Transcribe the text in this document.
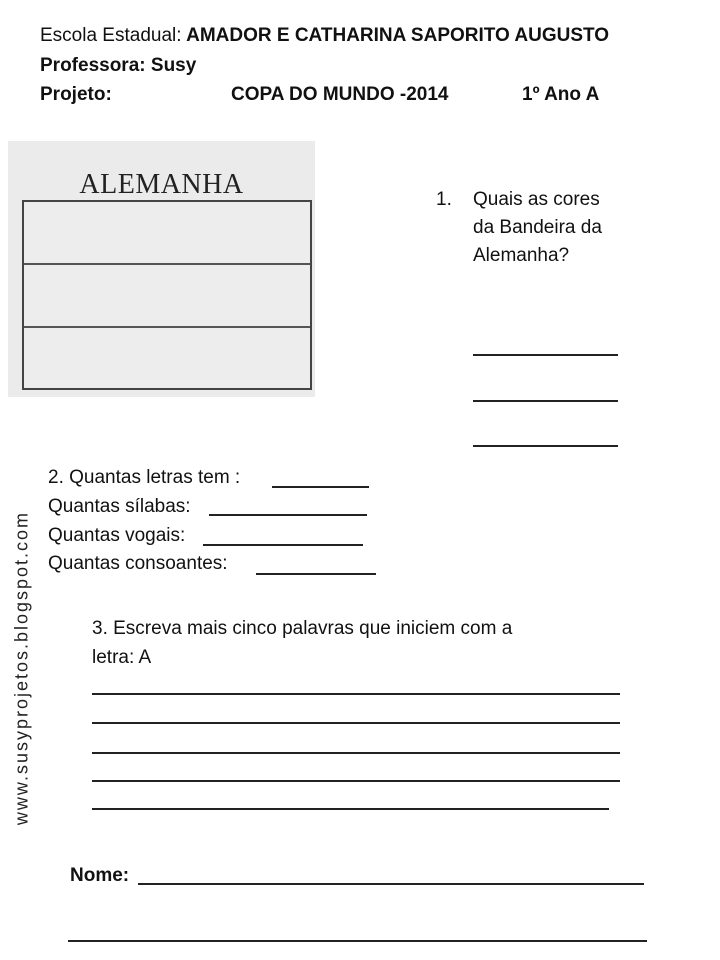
Escola Estadual: AMADOR E CATHARINA SAPORITO AUGUSTO
Professora: Susy
Projeto:	COPA DO MUNDO -2014	1º Ano A
ALEMANHA	1. Quais as cores
da Bandeira da
Alemanha?
2. Quantas letras tem :
Quantas sílabas:
Quantas vogais:
Quantas consoantes:
3. Escreva mais cinco palavras que iniciem com a
letra: A
Nome:
www.susyprojetos.blogspot.com
